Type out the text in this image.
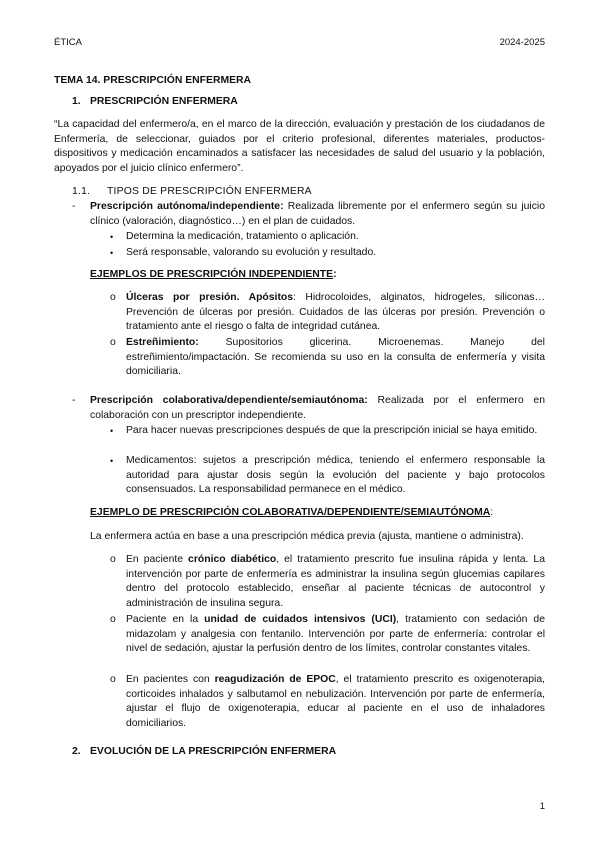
ÉTICA	2024-2025
TEMA 14. PRESCRIPCIÓN ENFERMERA
1. PRESCRIPCIÓN ENFERMERA
“La capacidad del enfermero/a, en el marco de la dirección, evaluación y prestación de los ciudadanos de Enfermería, de seleccionar, guiados por el criterio profesional, diferentes materiales, productos-dispositivos y medicación encaminados a satisfacer las necesidades de salud del usuario y la población, apoyados por el juicio clínico enfermero”.
1.1. TIPOS DE PRESCRIPCIÓN ENFERMERA
- Prescripción autónoma/independiente: Realizada libremente por el enfermero según su juicio clínico (valoración, diagnóstico…) en el plan de cuidados.
• Determina la medicación, tratamiento o aplicación.
• Será responsable, valorando su evolución y resultado.
EJEMPLOS DE PRESCRIPCIÓN INDEPENDIENTE:
o Úlceras por presión. Apósitos: Hidrocoloides, alginatos, hidrogeles, siliconas…Prevención de úlceras por presión. Cuidados de las úlceras por presión. Prevención o tratamiento ante el riesgo o falta de integridad cutánea.
o Estreñimiento: Supositorios glicerina. Microenemas. Manejo del estreñimiento/impactación. Se recomienda su uso en la consulta de enfermería y visita domiciliaria.
- Prescripción colaborativa/dependiente/semiautónoma: Realizada por el enfermero en colaboración con un prescriptor independiente.
• Para hacer nuevas prescripciones después de que la prescripción inicial se haya emitido.
• Medicamentos: sujetos a prescripción médica, teniendo el enfermero responsable la autoridad para ajustar dosis según la evolución del paciente y bajo protocolos consensuados. La responsabilidad permanece en el médico.
EJEMPLO DE PRESCRIPCIÓN COLABORATIVA/DEPENDIENTE/SEMIAUTÓNOMA:
La enfermera actúa en base a una prescripción médica previa (ajusta, mantiene o administra).
o En paciente crónico diabético, el tratamiento prescrito fue insulina rápida y lenta. La intervención por parte de enfermería es administrar la insulina según glucemias capilares dentro del protocolo establecido, enseñar al paciente técnicas de autocontrol y administración de insulina segura.
o Paciente en la unidad de cuidados intensivos (UCI), tratamiento con sedación de midazolam y analgesia con fentanilo. Intervención por parte de enfermería: controlar el nivel de sedación, ajustar la perfusión dentro de los límites, controlar constantes vitales.
o En pacientes con reagudización de EPOC, el tratamiento prescrito es oxigenoterapia, corticoides inhalados y salbutamol en nebulización. Intervención por parte de enfermería, ajustar el flujo de oxigenoterapia, educar al paciente en el uso de inhaladores domiciliarios.
2. EVOLUCIÓN DE LA PRESCRIPCIÓN ENFERMERA
1
